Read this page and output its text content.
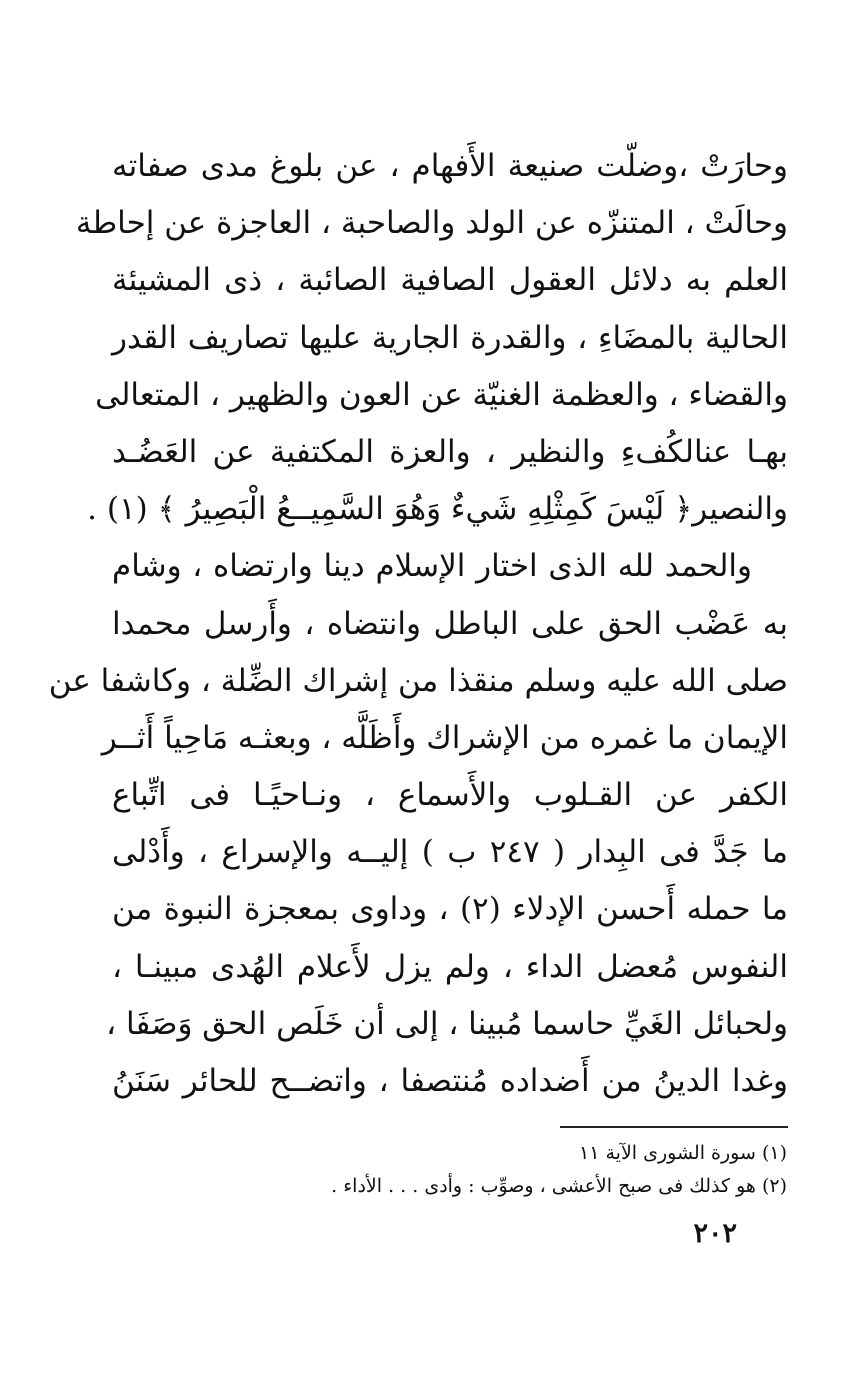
وحارَتْ ،وضلّت صنيعة الأَفهام ، عن بلوغ مدى صفاته
وحالَتْ ، المتنزّه عن الولد والصاحبة ، العاجزة عن إحاطة
العلم به دلائل العقول الصافية الصائبة ، ذى المشيئة
الحالية بالمضَاءِ ، والقدرة الجارية عليها تصاريف القدر
والقضاء ، والعظمة الغنيّة عن العون والظهير ، المتعالى
بهـا عنالكُفءِ والنظير ، والعزة المكتفية عن العَضُـد
والنصير﴿ لَيْسَ كَمِثْلِهِ شَيءٌ وَهُوَ السَّمِيــعُ الْبَصِيرُ ﴾ (١) .
والحمد لله الذى اختار الإسلام دينا وارتضاه ، وشام
به عَضْب الحق على الباطل وانتضاه ، وأَرسل محمدا
صلى الله عليه وسلم منقذا من إشراك الضِّلة ، وكاشفا عن
الإيمان ما غمره من الإشراك وأَظَلَّه ، وبعثـه مَاحِياً أَثــر
الكفر عن القـلوب والأَسماع ، ونـاحيًـا فى اتِّباع
ما جَدَّ فى البِدار ( ٢٤٧ ب ) إليــه والإسراع ، وأَدْلى
ما حمله أَحسن الإدلاء (٢) ، وداوى بمعجزة النبوة من
النفوس مُعضل الداء ، ولم يزل لأَعلام الهُدى مبينـا ،
ولحبائل الغَيِّ حاسما مُبينا ، إلى أن خَلَص الحق وَصَفَا ،
وغدا الدينُ من أَضداده مُنتصفا ، واتضــح للحائر سَنَنُ
(١) سورة الشورى الآية ١١
(٢) هو كذلك فى صبح الأعشى ، وصوِّب : وأدى . . . الأداء .
٢٠٢
